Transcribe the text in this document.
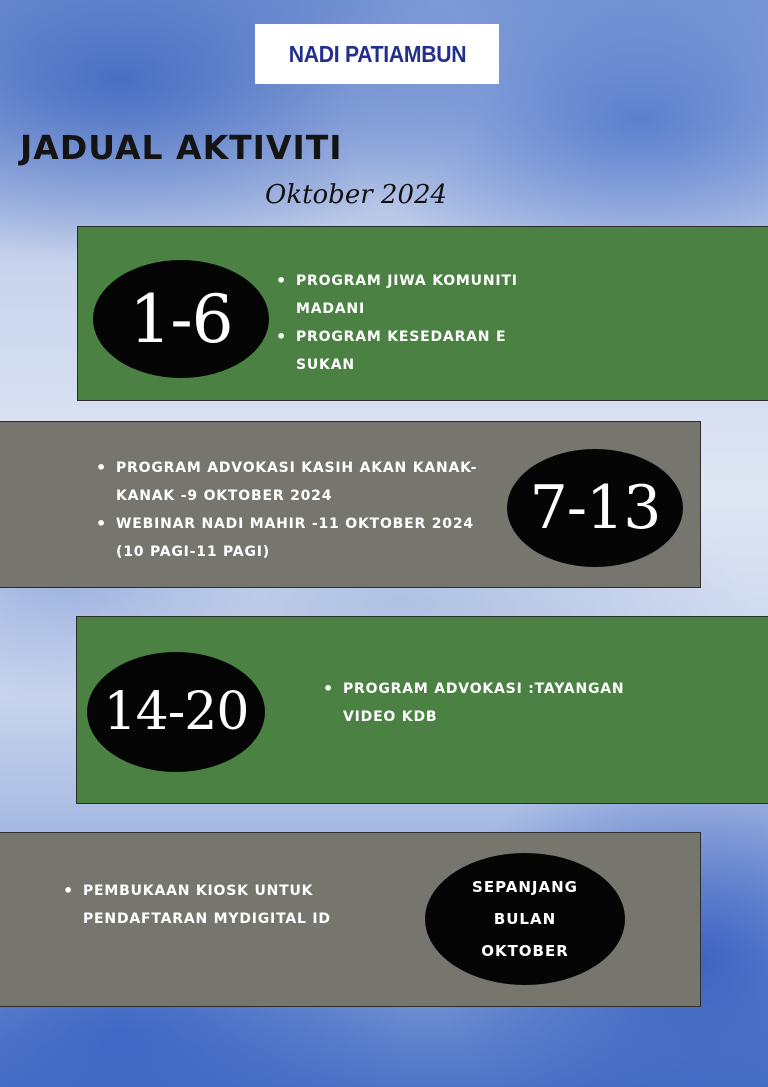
NADI PATIAMBUN
JADUAL AKTIVITI
Oktober 2024
1-6	• PROGRAM JIWA KOMUNITI MADANI
• PROGRAM KESEDARAN E SUKAN
7-13
• PROGRAM ADVOKASI KASIH AKAN KANAK-KANAK -9 OKTOBER 2024
• WEBINAR NADI MAHIR -11 OKTOBER 2024 (10 PAGI-11 PAGI)
14-20	• PROGRAM ADVOKASI :TAYANGAN VIDEO KDB
SEPANJANG
BULAN
OKTOBER
• PEMBUKAAN KIOSK UNTUK PENDAFTARAN MYDIGITAL ID
